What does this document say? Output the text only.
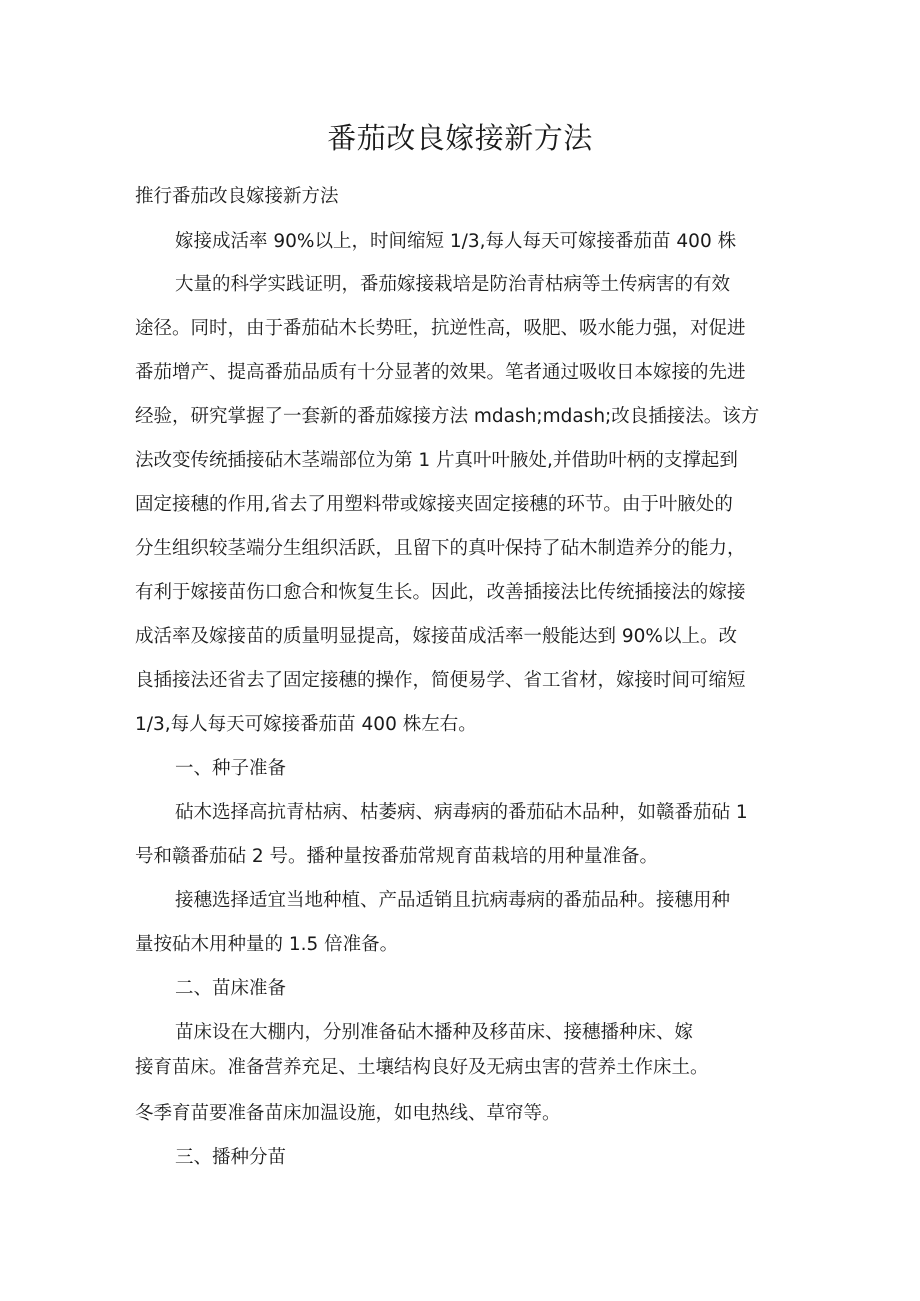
番茄改良嫁接新方法

推行番茄改良嫁接新方法

嫁接成活率 90%以上，时间缩短 1/3,每人每天可嫁接番茄苗 400 株

大量的科学实践证明，番茄嫁接栽培是防治青枯病等土传病害的有效

途径。同时，由于番茄砧木长势旺，抗逆性高，吸肥、吸水能力强，对促进

番茄增产、提高番茄品质有十分显著的效果。笔者通过吸收日本嫁接的先进

经验，研究掌握了一套新的番茄嫁接方法 mdash;mdash;改良插接法。该方

法改变传统插接砧木茎端部位为第 1 片真叶叶腋处,并借助叶柄的支撑起到

固定接穗的作用,省去了用塑料带或嫁接夹固定接穗的环节。由于叶腋处的

分生组织较茎端分生组织活跃，且留下的真叶保持了砧木制造养分的能力，

有利于嫁接苗伤口愈合和恢复生长。因此，改善插接法比传统插接法的嫁接

成活率及嫁接苗的质量明显提高，嫁接苗成活率一般能达到 90%以上。改

良插接法还省去了固定接穗的操作，简便易学、省工省材，嫁接时间可缩短

1/3,每人每天可嫁接番茄苗 400 株左右。

一、种子准备

砧木选择高抗青枯病、枯萎病、病毒病的番茄砧木品种，如赣番茄砧 1

号和赣番茄砧 2 号。播种量按番茄常规育苗栽培的用种量准备。

接穗选择适宜当地种植、产品适销且抗病毒病的番茄品种。接穗用种

量按砧木用种量的 1.5 倍准备。

二、苗床准备

苗床设在大棚内，分别准备砧木播种及移苗床、接穗播种床、嫁

接育苗床。准备营养充足、土壤结构良好及无病虫害的营养土作床土。

冬季育苗要准备苗床加温设施，如电热线、草帘等。

三、播种分苗
